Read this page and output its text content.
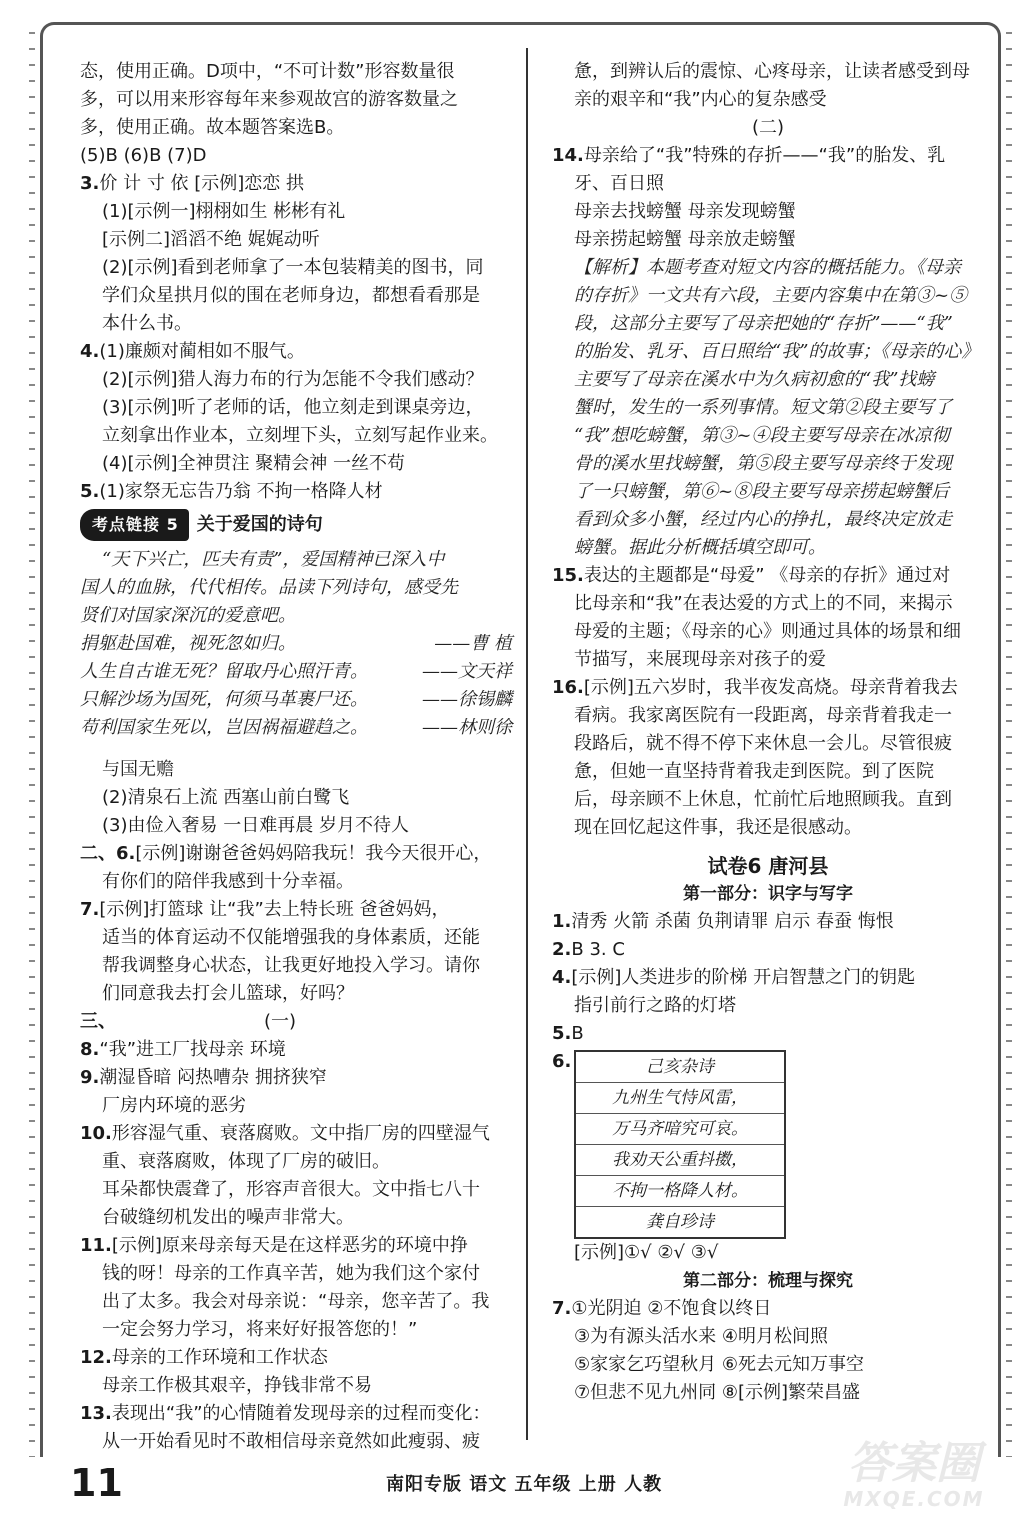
态，使用正确。D项中，“不可计数”形容数量很
多，可以用来形容每年来参观故宫的游客数量之
多，使用正确。故本题答案选B。
(5)B (6)B (7)D
3.价 计 寸 依 [示例]恋恋 拱
(1)[示例一]栩栩如生 彬彬有礼
[示例二]滔滔不绝 娓娓动听
(2)[示例]看到老师拿了一本包装精美的图书，同
学们众星拱月似的围在老师身边，都想看看那是
本什么书。
4.(1)廉颇对蔺相如不服气。
(2)[示例]猎人海力布的行为怎能不令我们感动？
(3)[示例]听了老师的话，他立刻走到课桌旁边，
立刻拿出作业本，立刻埋下头，立刻写起作业来。
(4)[示例]全神贯注 聚精会神 一丝不苟
5.(1)家祭无忘告乃翁 不拘一格降人材
考点链接 5	关于爱国的诗句
“天下兴亡，匹夫有责”，爱国精神已深入中
国人的血脉，代代相传。品读下列诗句，感受先
贤们对国家深沉的爱意吧。
捐躯赴国难，视死忽如归。	——曹 植
人生自古谁无死？留取丹心照汗青。	——文天祥
只解沙场为国死，何须马革裹尸还。	——徐锡麟
苟利国家生死以，岂因祸福避趋之。	——林则徐
与国无赡
(2)清泉石上流 西塞山前白鹭飞
(3)由俭入奢易 一日难再晨 岁月不待人
二、6.[示例]谢谢爸爸妈妈陪我玩！我今天很开心，
有你们的陪伴我感到十分幸福。
7.[示例]打篮球 让“我”去上特长班 爸爸妈妈，
适当的体育运动不仅能增强我的身体素质，还能
帮我调整身心状态，让我更好地投入学习。请你
们同意我去打会儿篮球，好吗？
三、	(一)
8.“我”进工厂找母亲 环境
9.潮湿昏暗 闷热嘈杂 拥挤狭窄
厂房内环境的恶劣
10.形容湿气重、衰落腐败。文中指厂房的四壁湿气
重、衰落腐败，体现了厂房的破旧。
耳朵都快震聋了，形容声音很大。文中指七八十
台破缝纫机发出的噪声非常大。
11.[示例]原来母亲每天是在这样恶劣的环境中挣
钱的呀！母亲的工作真辛苦，她为我们这个家付
出了太多。我会对母亲说：“母亲，您辛苦了。我
一定会努力学习，将来好好报答您的！”
12.母亲的工作环境和工作状态
母亲工作极其艰辛，挣钱非常不易
13.表现出“我”的心情随着发现母亲的过程而变化：
从一开始看见时不敢相信母亲竟然如此瘦弱、疲
惫，到辨认后的震惊、心疼母亲，让读者感受到母
亲的艰辛和“我”内心的复杂感受
(二)
14.母亲给了“我”特殊的存折——“我”的胎发、乳
牙、百日照
母亲去找螃蟹 母亲发现螃蟹
母亲捞起螃蟹 母亲放走螃蟹
【解析】本题考查对短文内容的概括能力。《母亲
的存折》一文共有六段，主要内容集中在第③~⑤
段，这部分主要写了母亲把她的“存折”——“我”
的胎发、乳牙、百日照给“我”的故事；《母亲的心》
主要写了母亲在溪水中为久病初愈的“我”找螃
蟹时，发生的一系列事情。短文第②段主要写了
“我”想吃螃蟹，第③~④段主要写母亲在冰凉彻
骨的溪水里找螃蟹，第⑤段主要写母亲终于发现
了一只螃蟹，第⑥~⑧段主要写母亲捞起螃蟹后
看到众多小蟹，经过内心的挣扎，最终决定放走
螃蟹。据此分析概括填空即可。
15.表达的主题都是“母爱” 《母亲的存折》通过对
比母亲和“我”在表达爱的方式上的不同，来揭示
母爱的主题；《母亲的心》则通过具体的场景和细
节描写，来展现母亲对孩子的爱
16.[示例]五六岁时，我半夜发高烧。母亲背着我去
看病。我家离医院有一段距离，母亲背着我走一
段路后，就不得不停下来休息一会儿。尽管很疲
惫，但她一直坚持背着我走到医院。到了医院
后，母亲顾不上休息，忙前忙后地照顾我。直到
现在回忆起这件事，我还是很感动。
试卷6 唐河县
第一部分：识字与写字
1.清秀 火箭 杀菌 负荆请罪 启示 春蚕 悔恨
2.B 3. C
4.[示例]人类进步的阶梯 开启智慧之门的钥匙
指引前行之路的灯塔
5.B
6.	己亥杂诗
九州生气恃风雷，
万马齐喑究可哀。
我劝天公重抖擞，
不拘一格降人材。
龚自珍诗
[示例]①√ ②√ ③√
第二部分：梳理与探究
7.①光阴迫 ②不饱食以终日
③为有源头活水来 ④明月松间照
⑤家家乞巧望秋月 ⑥死去元知万事空
⑦但悲不见九州同 ⑧[示例]繁荣昌盛
11	南阳专版 语文 五年级 上册 人教	答案圈
MXQE.COM
